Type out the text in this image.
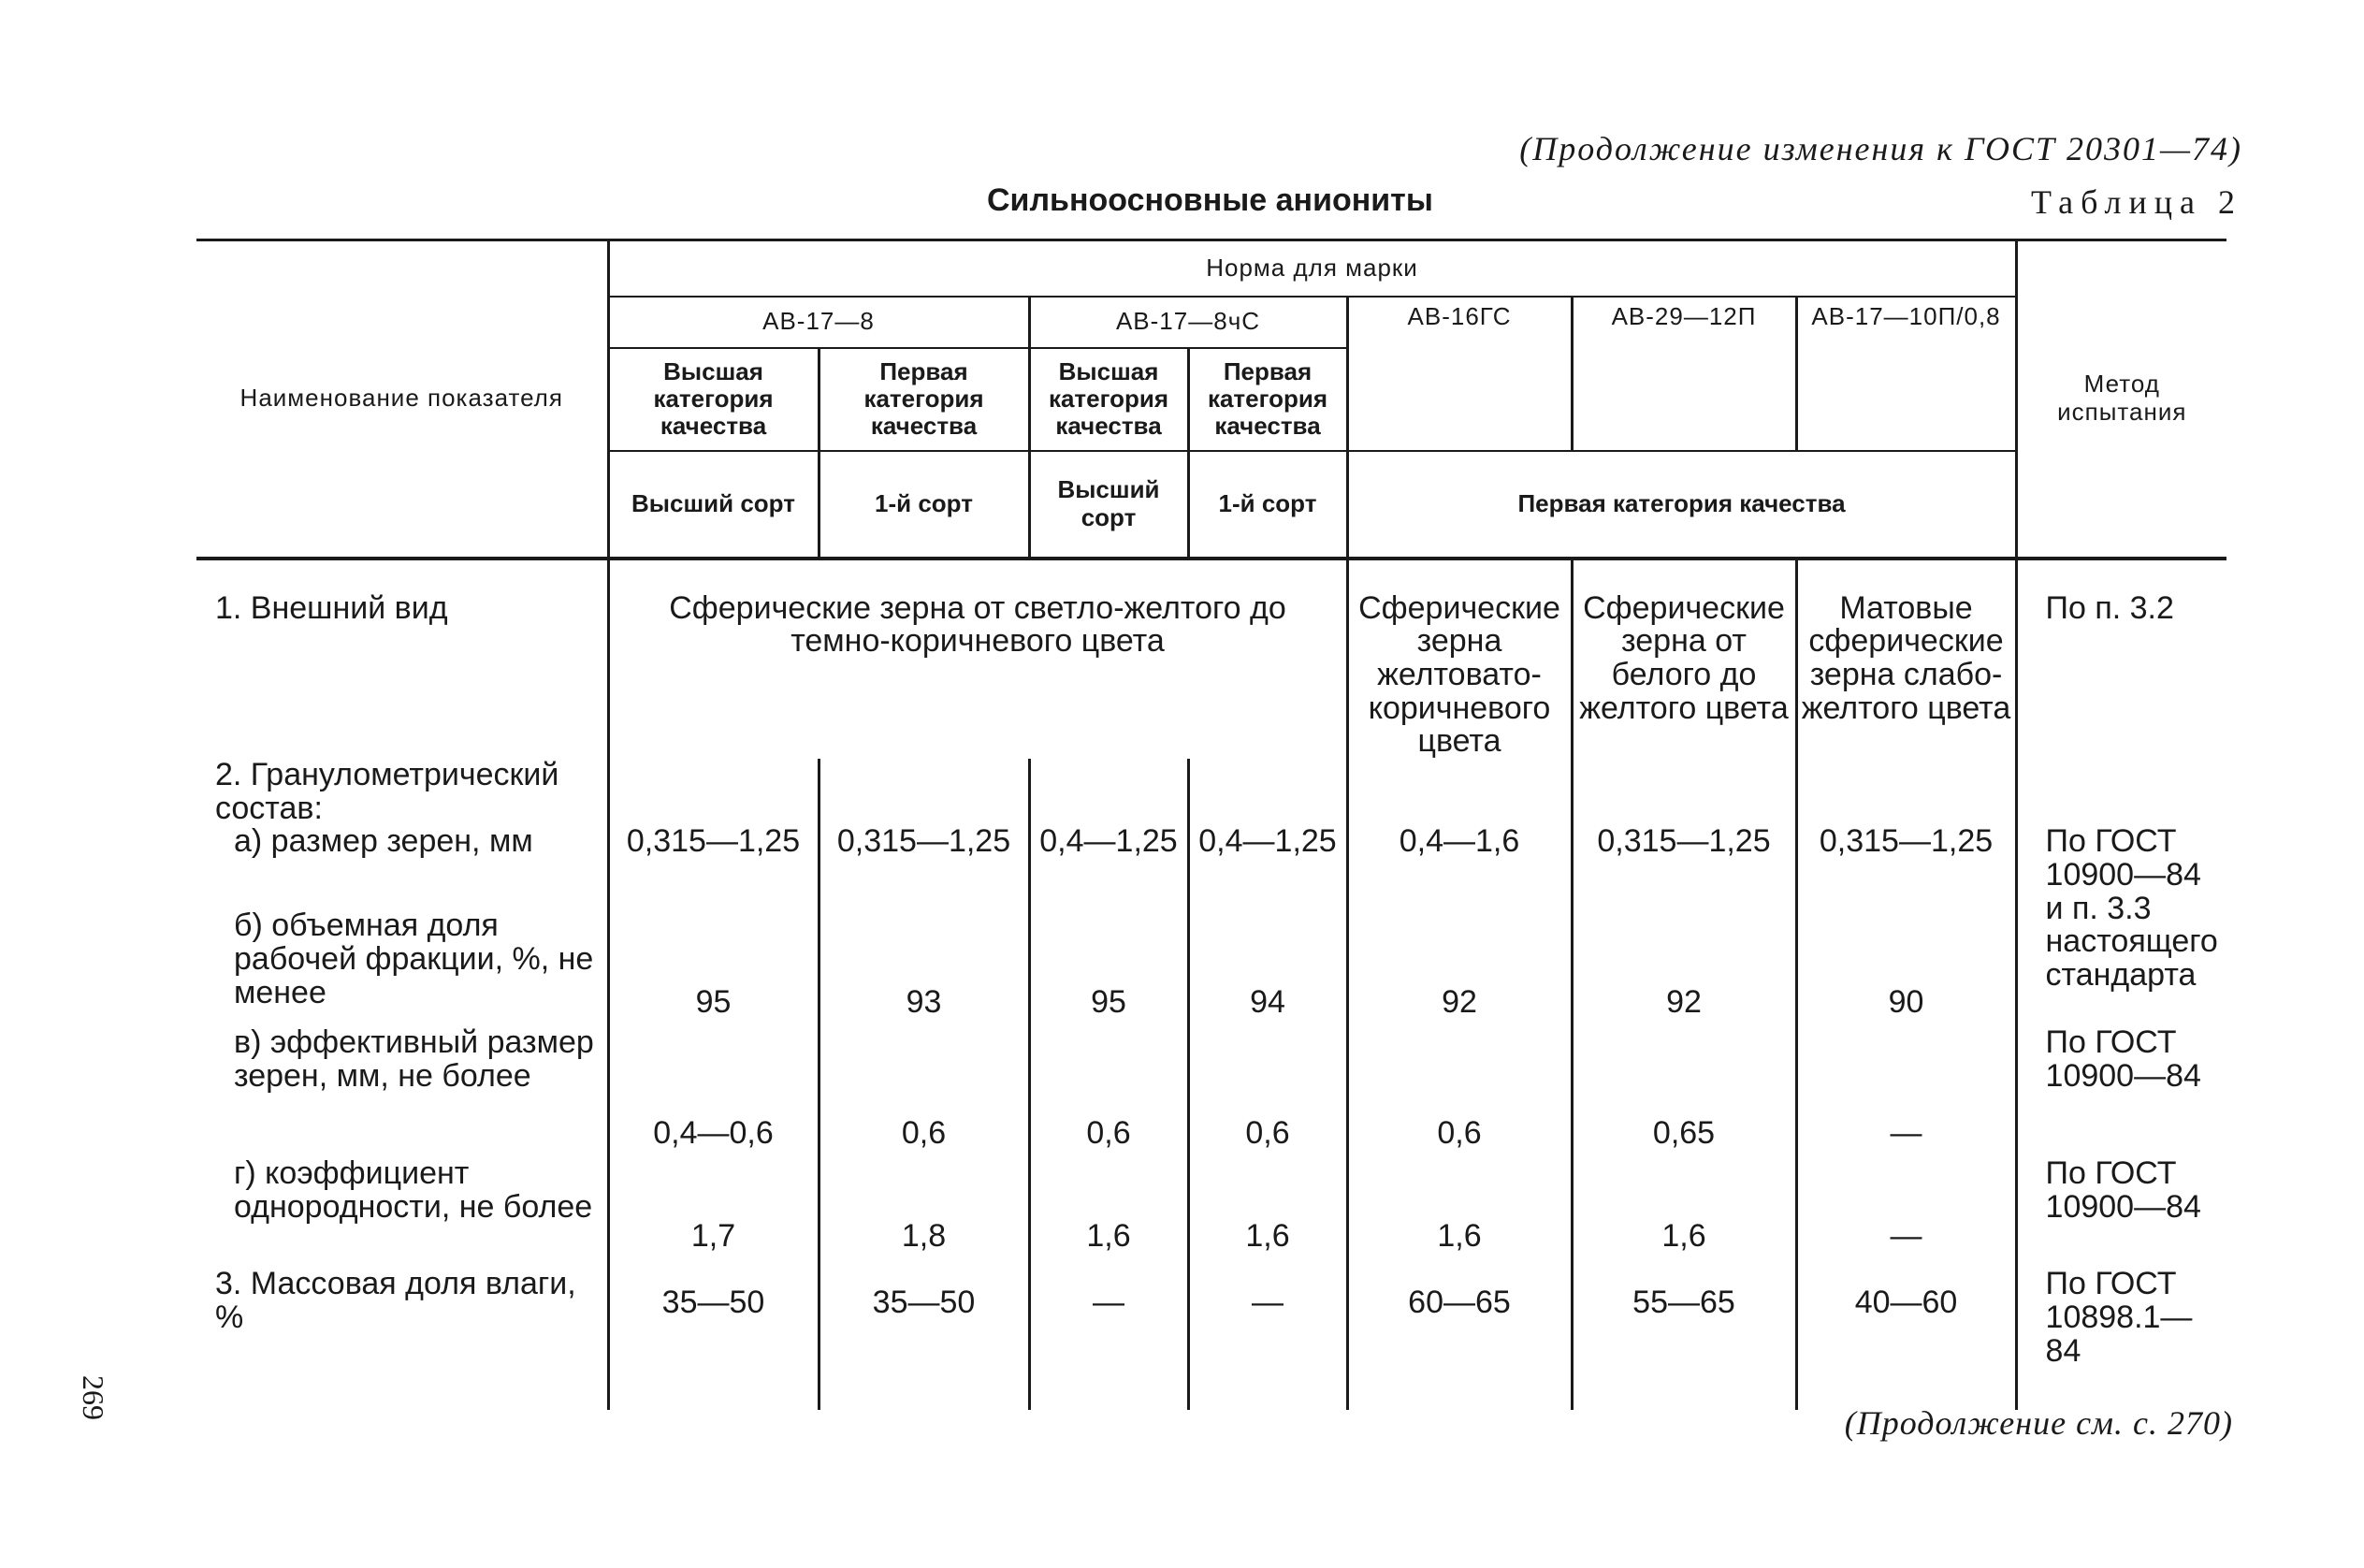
(Продолжение изменения к ГОСТ 20301—74)
Сильноосновные аниониты	Таблица 2
Наименование показателя	Норма для марки							Метод испытания
	АВ-17—8		АВ-17—8чС		АВ-16ГС	АВ-29—12П	АВ-17—10П/0,8	
	Высшая категория качества	Первая категория качества	Высшая категория качества	Первая категория качества				
	Высший сорт	1-й сорт	Высший сорт	1-й сорт	Первая категория качества			
1. Внешний вид	Сферические зерна от светло-желтого до темно-коричневого цвета				Сферические зерна желтовато-коричневого цвета	Сферические зерна от белого до желтого цвета	Матовые сферические зерна слабо-желтого цвета	По п. 3.2
2. Гранулометрический состав:								
а) размер зерен, мм	0,315—1,25	0,315—1,25	0,4—1,25	0,4—1,25	0,4—1,6	0,315—1,25	0,315—1,25	По ГОСТ 10900—84 и п. 3.3 настоящего стандарта
б) объемная доля рабочей фракции, %, не менее	95	93	95	94	92	92	90	
в) эффективный размер зерен, мм, не более	0,4—0,6	0,6	0,6	0,6	0,6	0,65	—	По ГОСТ 10900—84
г) коэффициент однородности, не более	1,7	1,8	1,6	1,6	1,6	1,6	—	По ГОСТ 10900—84
3. Массовая доля влаги, %	35—50	35—50	—	—	60—65	55—65	40—60	По ГОСТ 10898.1—84
(Продолжение см. с. 270)
269
